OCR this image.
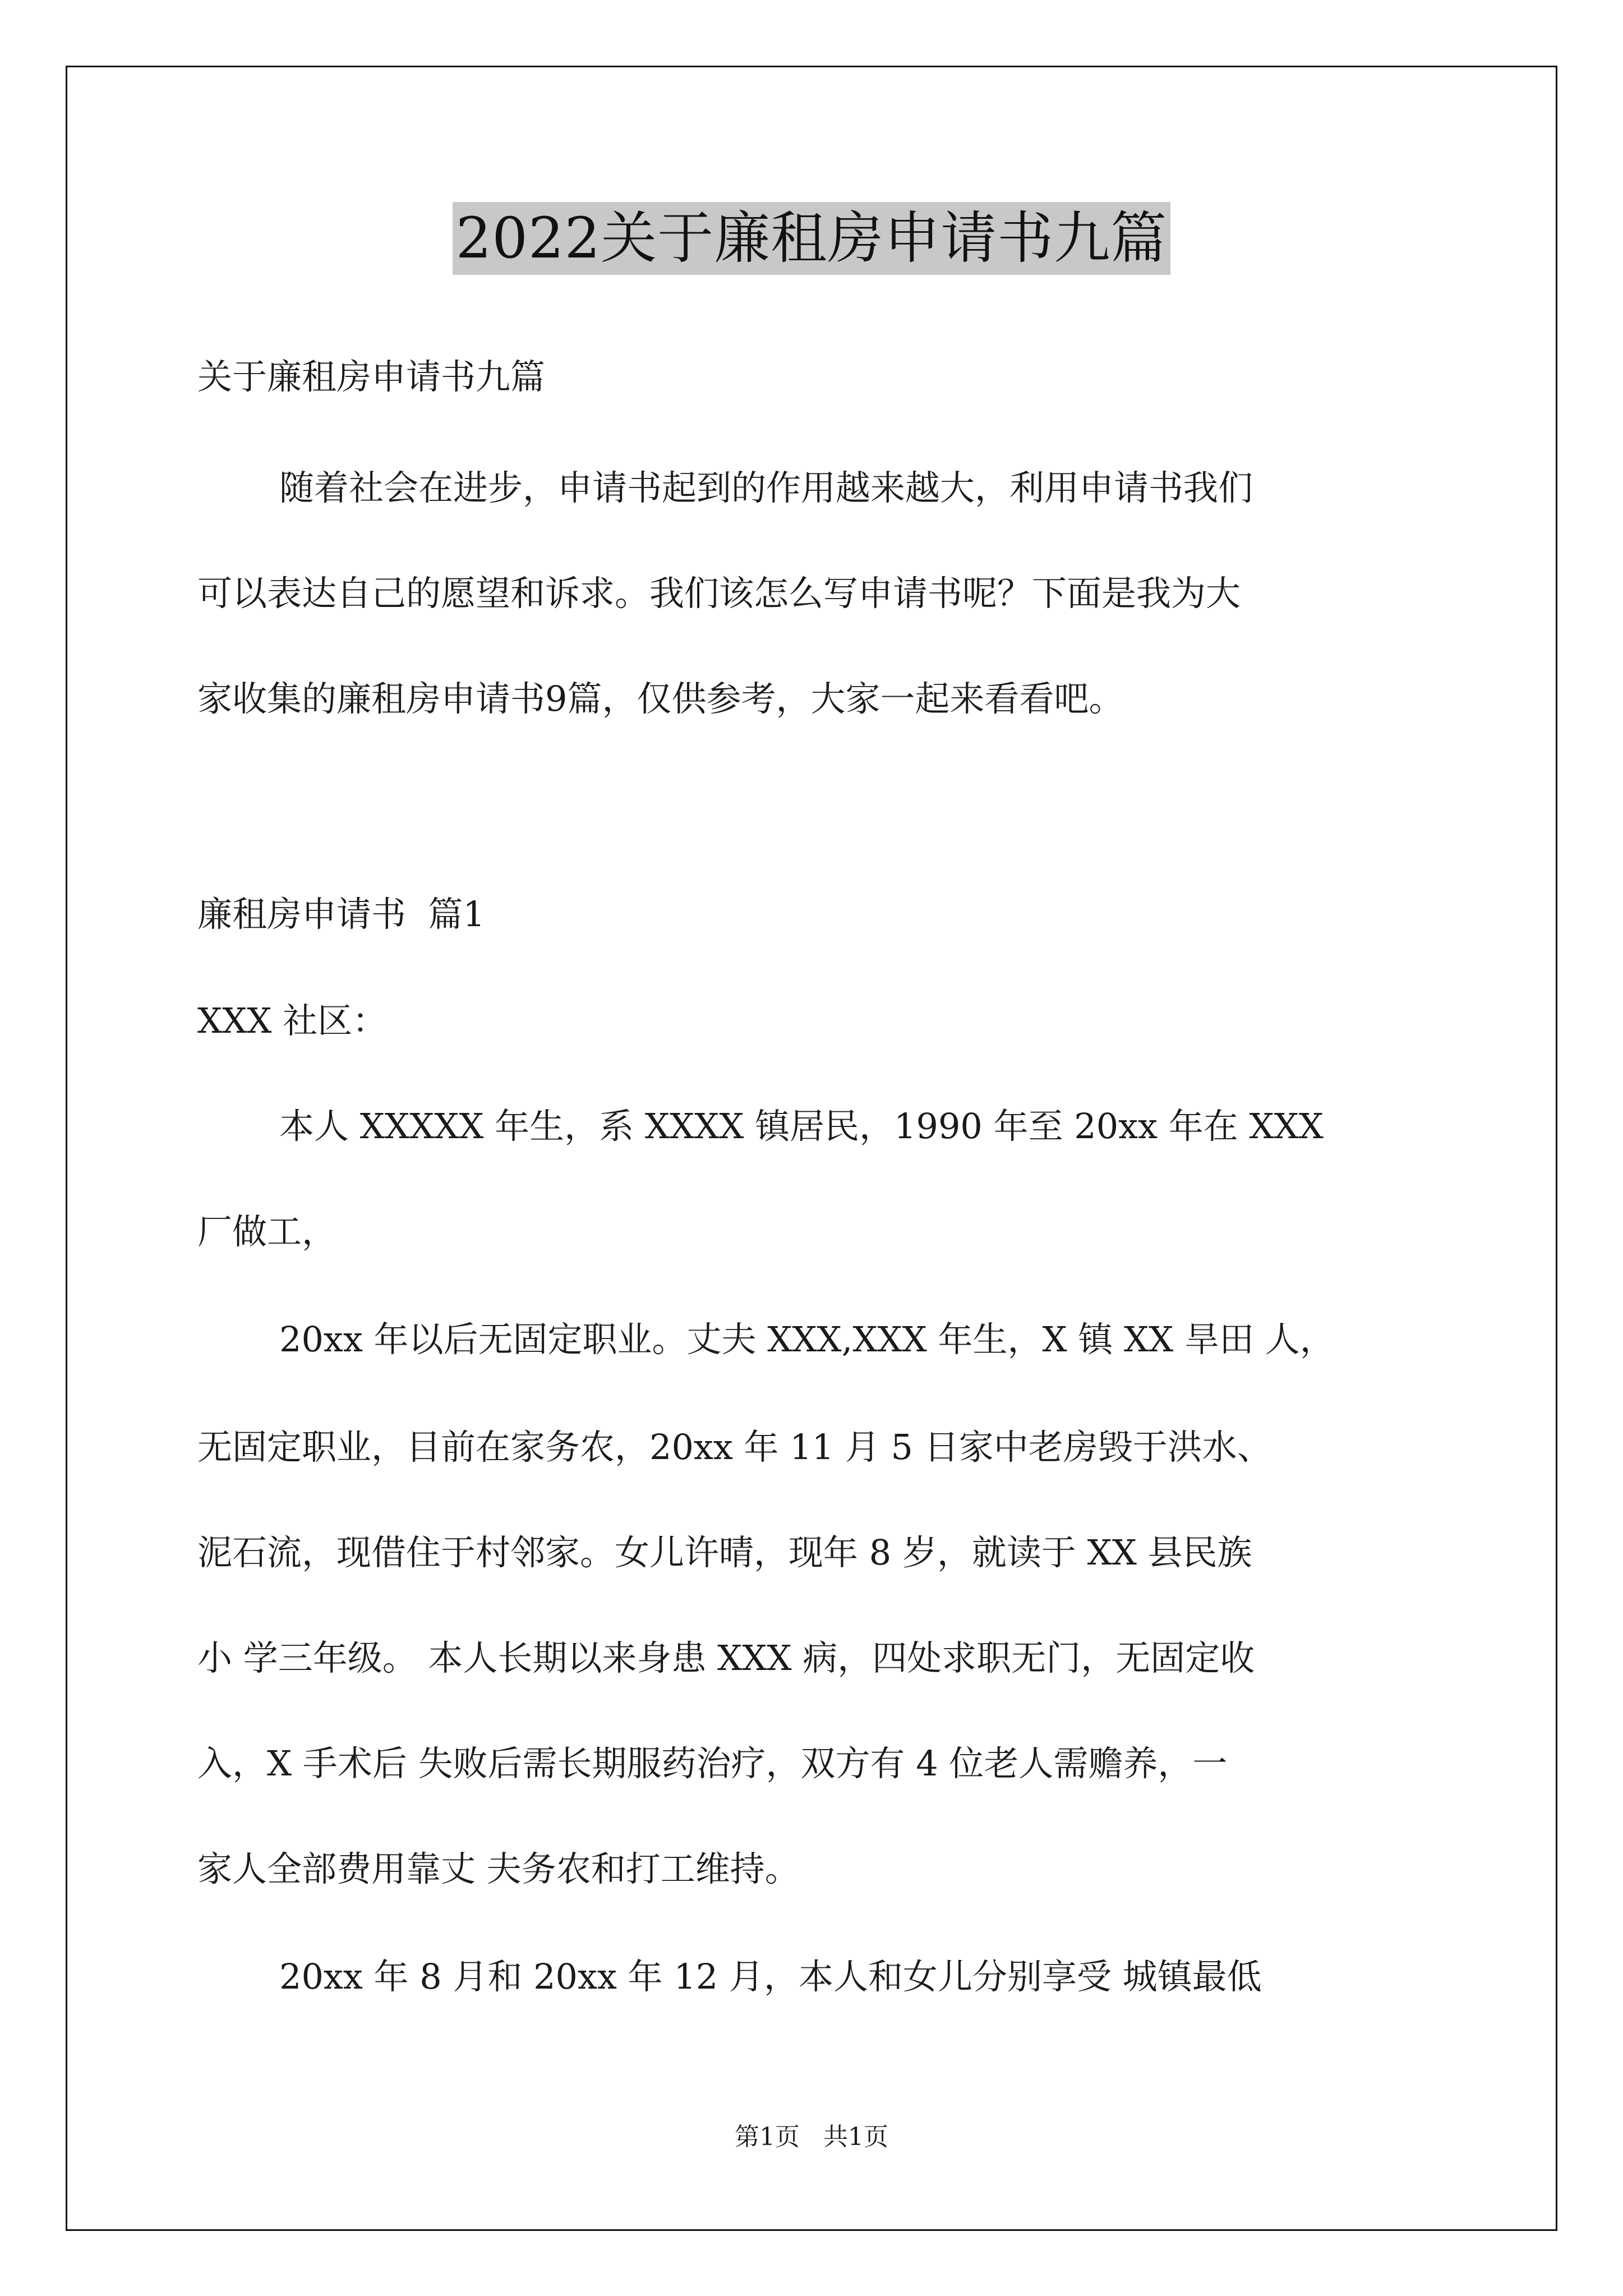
2022关于廉租房申请书九篇
关于廉租房申请书九篇
随着社会在进步，申请书起到的作用越来越大，利用申请书我们
可以表达自己的愿望和诉求。我们该怎么写申请书呢？下面是我为大
家收集的廉租房申请书9篇，仅供参考，大家一起来看看吧。
廉租房申请书  篇1
XXX 社区：
本人 XXXXX 年生，系 XXXX 镇居民，1990 年至 20xx 年在 XXX
厂做工，
20xx 年以后无固定职业。丈夫 XXX,XXX 年生，X 镇 XX 旱田 人，
无固定职业，目前在家务农，20xx 年 11 月 5 日家中老房毁于洪水、
泥石流，现借住于村邻家。女儿许晴，现年 8 岁，就读于 XX 县民族
小 学三年级。 本人长期以来身患 XXX 病，四处求职无门，无固定收
入，X 手术后 失败后需长期服药治疗，双方有 4 位老人需赡养，一
家人全部费用靠丈 夫务农和打工维持。
20xx 年 8 月和 20xx 年 12 月，本人和女儿分别享受 城镇最低
第1页   共1页
